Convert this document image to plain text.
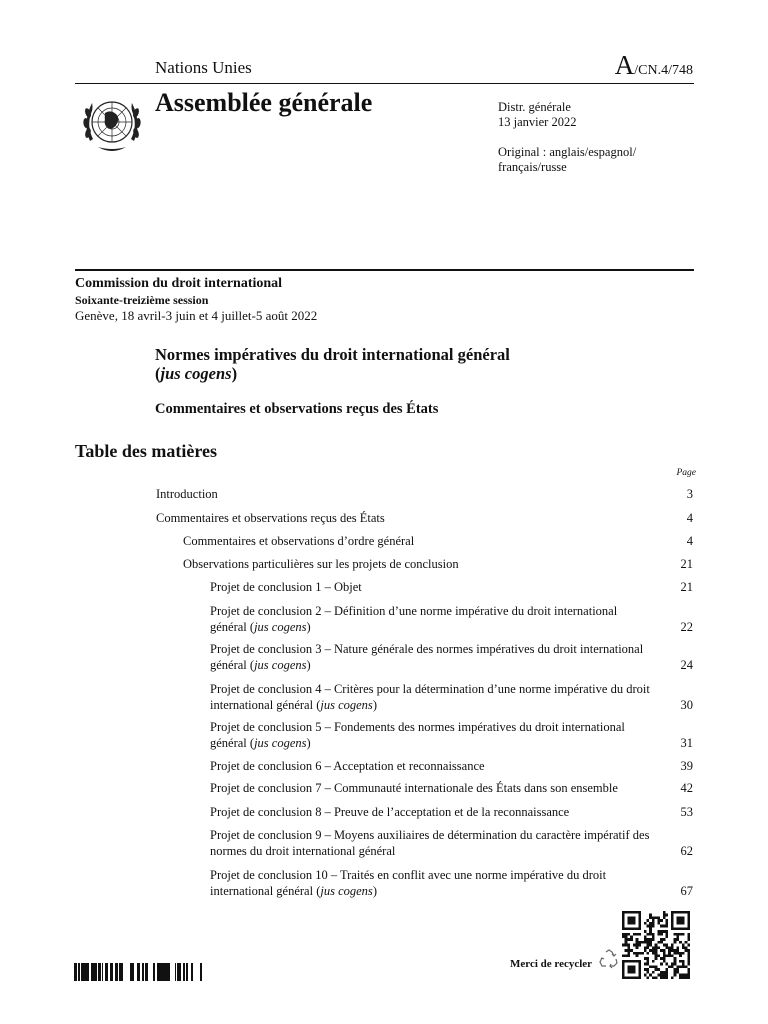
Nations Unies	A/CN.4/748
Assemblée générale	Distr. générale
13 janvier 2022
Original : anglais/espagnol/
français/russe
Commission du droit international
Soixante-treizième session
Genève, 18 avril-3 juin et 4 juillet-5 août 2022
Normes impératives du droit international général
(jus cogens)
Commentaires et observations reçus des États
Table des matières
Page
Introduction	3
Commentaires et observations reçus des États	4
Commentaires et observations d’ordre général	4
Observations particulières sur les projets de conclusion	21
Projet de conclusion 1 – Objet	21
Projet de conclusion 2 – Définition d’une norme impérative du droit international général (jus cogens)	22
Projet de conclusion 3 – Nature générale des normes impératives du droit international général (jus cogens)	24
Projet de conclusion 4 – Critères pour la détermination d’une norme impérative du droit international général (jus cogens)	30
Projet de conclusion 5 – Fondements des normes impératives du droit international général (jus cogens)	31
Projet de conclusion 6 – Acceptation et reconnaissance	39
Projet de conclusion 7 – Communauté internationale des États dans son ensemble	42
Projet de conclusion 8 – Preuve de l’acceptation et de la reconnaissance	53
Projet de conclusion 9 – Moyens auxiliaires de détermination du caractère impératif des normes du droit international général	62
Projet de conclusion 10 – Traités en conflit avec une norme impérative du droit international général (jus cogens)	67
Merci de recycler
